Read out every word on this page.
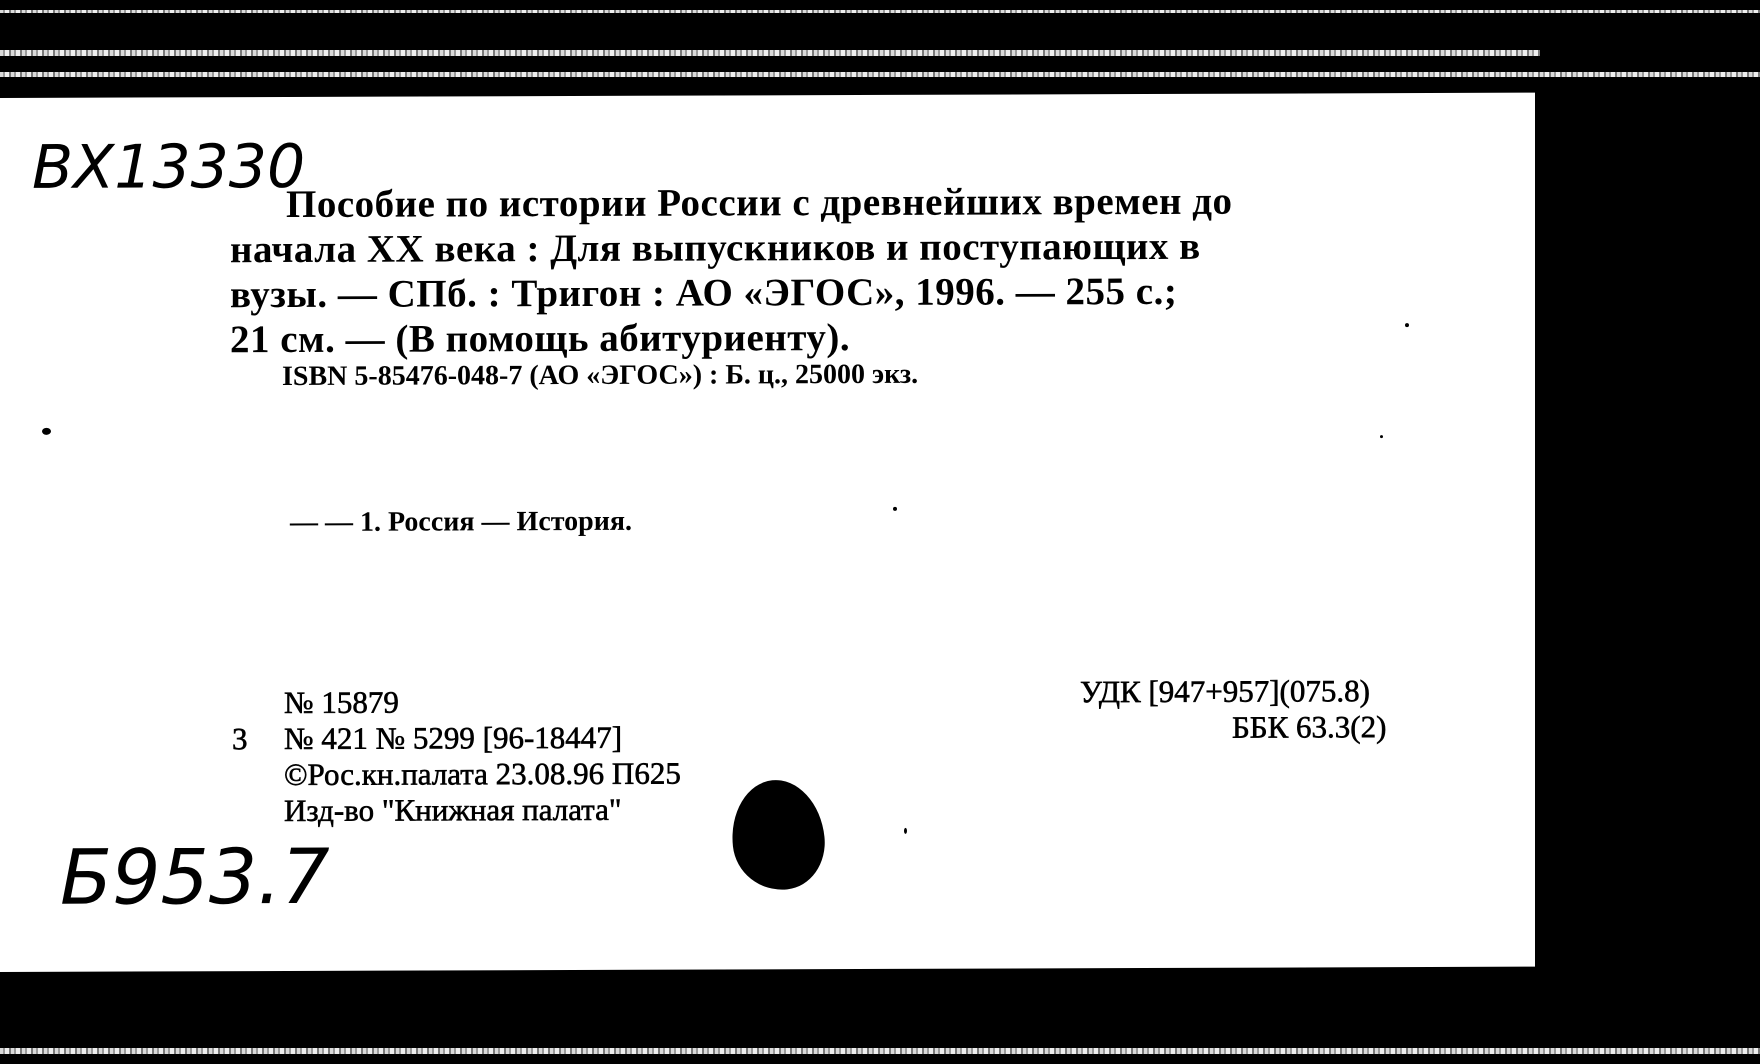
ВХ13330
Пособие по истории России с древнейших времен до
начала XX века : Для выпускников и поступающих в
вузы. — СПб. : Тригон : АО «ЭГОС», 1996. — 255 с.;
21 см. — (В помощь абитуриенту).
ISBN 5-85476-048-7 (АО «ЭГОС») : Б. ц., 25000 экз.
— — 1. Россия — История.
№ 15879
3 № 421 № 5299 [96-18447]
©Рос.кн.палата 23.08.96 П625
Изд-во "Книжная палата"
УДК [947+957](075.8)
ББК 63.3(2)
Б953.7
